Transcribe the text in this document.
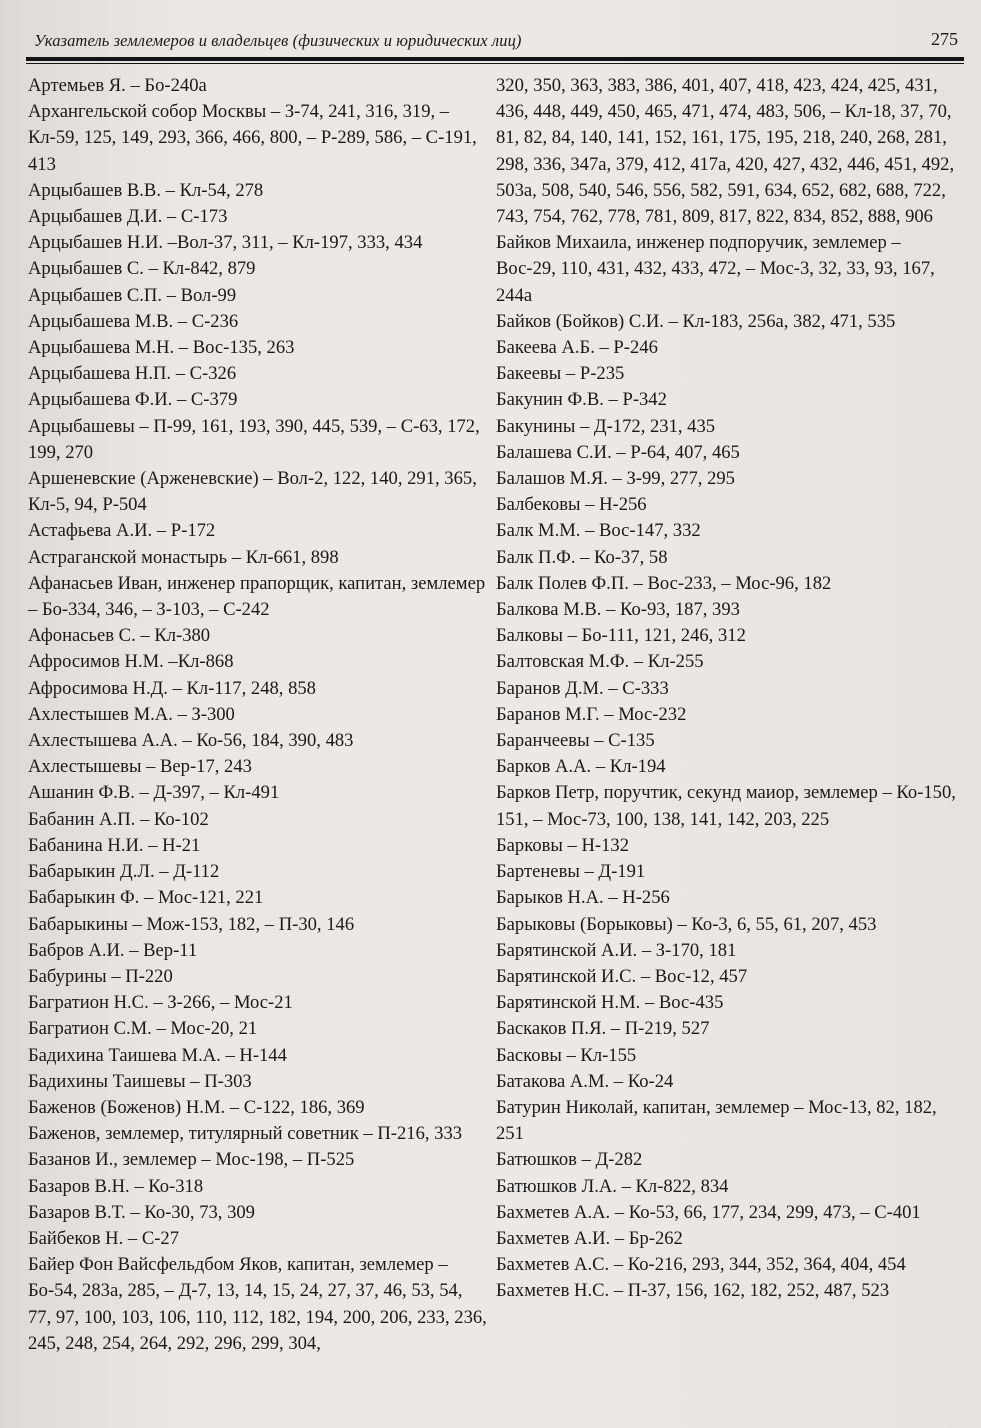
Указатель землемеров и владельцев (физических и юридических лиц)	275
Артемьев Я. – Бо-240а
Архангельской собор Москвы – З-74, 241, 316, 319, – Кл-59, 125, 149, 293, 366, 466, 800, – Р-289, 586, – С-191, 413
Арцыбашев В.В. – Кл-54, 278
Арцыбашев Д.И. – С-173
Арцыбашев Н.И. –Вол-37, 311, – Кл-197, 333, 434
Арцыбашев С. – Кл-842, 879
Арцыбашев С.П. – Вол-99
Арцыбашева М.В. – С-236
Арцыбашева М.Н. – Вос-135, 263
Арцыбашева Н.П. – С-326
Арцыбашева Ф.И. – С-379
Арцыбашевы – П-99, 161, 193, 390, 445, 539, – С-63, 172, 199, 270
Аршеневские (Арженевские) – Вол-2, 122, 140, 291, 365, Кл-5, 94, Р-504
Астафьева А.И. – Р-172
Астраганской монастырь – Кл-661, 898
Афанасьев Иван, инженер прапорщик, капитан, землемер – Бо-334, 346, – З-103, – С-242
Афонасьев С. – Кл-380
Афросимов Н.М. –Кл-868
Афросимова Н.Д. – Кл-117, 248, 858
Ахлестышев М.А. – З-300
Ахлестышева А.А. – Ко-56, 184, 390, 483
Ахлестышевы – Вер-17, 243
Ашанин Ф.В. – Д-397, – Кл-491
Бабанин А.П. – Ко-102
Бабанина Н.И. – Н-21
Бабарыкин Д.Л. – Д-112
Бабарыкин Ф. – Мос-121, 221
Бабарыкины – Мож-153, 182, – П-30, 146
Бабров А.И. – Вер-11
Бабурины – П-220
Багратион Н.С. – З-266, – Мос-21
Багратион С.М. – Мос-20, 21
Бадихина Таишева М.А. – Н-144
Бадихины Таишевы – П-303
Баженов (Боженов) Н.М. – С-122, 186, 369
Баженов, землемер, титулярный советник – П-216, 333
Базанов И., землемер – Мос-198, – П-525
Базаров В.Н. – Ко-318
Базаров В.Т. – Ко-30, 73, 309
Байбеков Н. – С-27
Байер Фон Вайсфельдбом Яков, капитан, землемер – Бо-54, 283а, 285, – Д-7, 13, 14, 15, 24, 27, 37, 46, 53, 54, 77, 97, 100, 103, 106, 110, 112, 182, 194, 200, 206, 233, 236, 245, 248, 254, 264, 292, 296, 299, 304,
320, 350, 363, 383, 386, 401, 407, 418, 423, 424, 425, 431, 436, 448, 449, 450, 465, 471, 474, 483, 506, – Кл-18, 37, 70, 81, 82, 84, 140, 141, 152, 161, 175, 195, 218, 240, 268, 281, 298, 336, 347а, 379, 412, 417а, 420, 427, 432, 446, 451, 492, 503а, 508, 540, 546, 556, 582, 591, 634, 652, 682, 688, 722, 743, 754, 762, 778, 781, 809, 817, 822, 834, 852, 888, 906
Байков Михаила, инженер подпоручик, землемер – Вос-29, 110, 431, 432, 433, 472, – Мос-3, 32, 33, 93, 167, 244а
Байков (Бойков) С.И. – Кл-183, 256а, 382, 471, 535
Бакеева А.Б. – Р-246
Бакеевы – Р-235
Бакунин Ф.В. – Р-342
Бакунины – Д-172, 231, 435
Балашева С.И. – Р-64, 407, 465
Балашов М.Я. – З-99, 277, 295
Балбековы – Н-256
Балк М.М. – Вос-147, 332
Балк П.Ф. – Ко-37, 58
Балк Полев Ф.П. – Вос-233, – Мос-96, 182
Балкова М.В. – Ко-93, 187, 393
Балковы – Бо-111, 121, 246, 312
Балтовская М.Ф. – Кл-255
Баранов Д.М. – С-333
Баранов М.Г. – Мос-232
Баранчеевы – С-135
Барков А.А. – Кл-194
Барков Петр, поручтик, секунд маиор, землемер – Ко-150, 151, – Мос-73, 100, 138, 141, 142, 203, 225
Барковы – Н-132
Бартеневы – Д-191
Барыков Н.А. – Н-256
Барыковы (Борыковы) – Ко-3, 6, 55, 61, 207, 453
Барятинской А.И. – З-170, 181
Барятинской И.С. – Вос-12, 457
Барятинской Н.М. – Вос-435
Баскаков П.Я. – П-219, 527
Басковы – Кл-155
Батакова А.М. – Ко-24
Батурин Николай, капитан, землемер – Мос-13, 82, 182, 251
Батюшков – Д-282
Батюшков Л.А. – Кл-822, 834
Бахметев А.А. – Ко-53, 66, 177, 234, 299, 473, – С-401
Бахметев А.И. – Бр-262
Бахметев А.С. – Ко-216, 293, 344, 352, 364, 404, 454
Бахметев Н.С. – П-37, 156, 162, 182, 252, 487, 523
